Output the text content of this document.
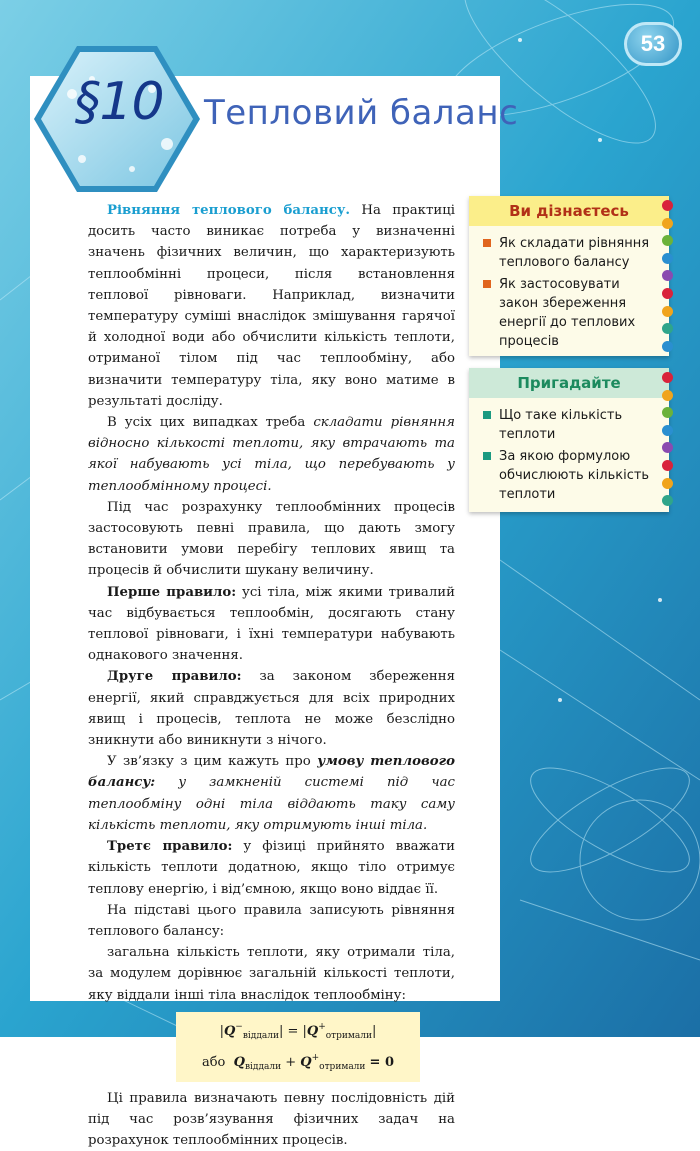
53
§10	Тепловий баланс

Рівняння теплового балансу. На практиці досить часто виникає потреба у визначенні значень фізичних величин, що характеризують теплообмінні процеси, після встановлення теплової рівноваги. Наприклад, визначити температуру суміші внаслідок змішування гарячої й холодної води або обчислити кількість теплоти, отриманої тілом під час теплообміну, або визначити температуру тіла, яку воно матиме в результаті досліду.

В усіх цих випадках треба складати рівняння відносно кількості теплоти, яку втрачають та якої набувають усі тіла, що перебувають у теплообмінному процесі.

Під час розрахунку теплообмінних процесів застосовують певні правила, що дають змогу встановити умови перебігу теплових явищ та процесів й обчислити шукану величину.

Перше правило: усі тіла, між якими тривалий час відбувається теплообмін, досягають стану теплової рівноваги, і їхні температури набувають однакового значення.

Друге правило: за законом збереження енергії, який справджується для всіх природних явищ і процесів, теплота не може безслідно зникнути або виникнути з нічого.

У зв’язку з цим кажуть про умову теплового балансу: у замкненій системі під час теплообміну одні тіла віддають таку саму кількість теплоти, яку отримують інші тіла.

Третє правило: у фізиці прийнято вважати кількість теплоти додатною, якщо тіло отримує теплову енергію, і від’ємною, якщо воно віддає її.

На підставі цього правила записують рівняння теплового балансу:

загальна кількість теплоти, яку отримали тіла, за модулем дорівнює загальній кількості теплоти, яку віддали інші тіла внаслідок теплообміну:

$|Q^-_{віддали}| = |Q^+_{отримали}|$
або $Q_{віддали} + Q^+_{отримали} = 0$

Ці правила визначають певну послідовність дій під час розв’язування фізичних задач на розрахунок теплообмінних процесів.

Ви дізнаєтесь
Як складати рівняння теплового балансу
Як застосовувати закон збереження енергії до теплових процесів
Пригадайте
Що таке кількість теплоти
За якою формулою обчислюють кількість теплоти
